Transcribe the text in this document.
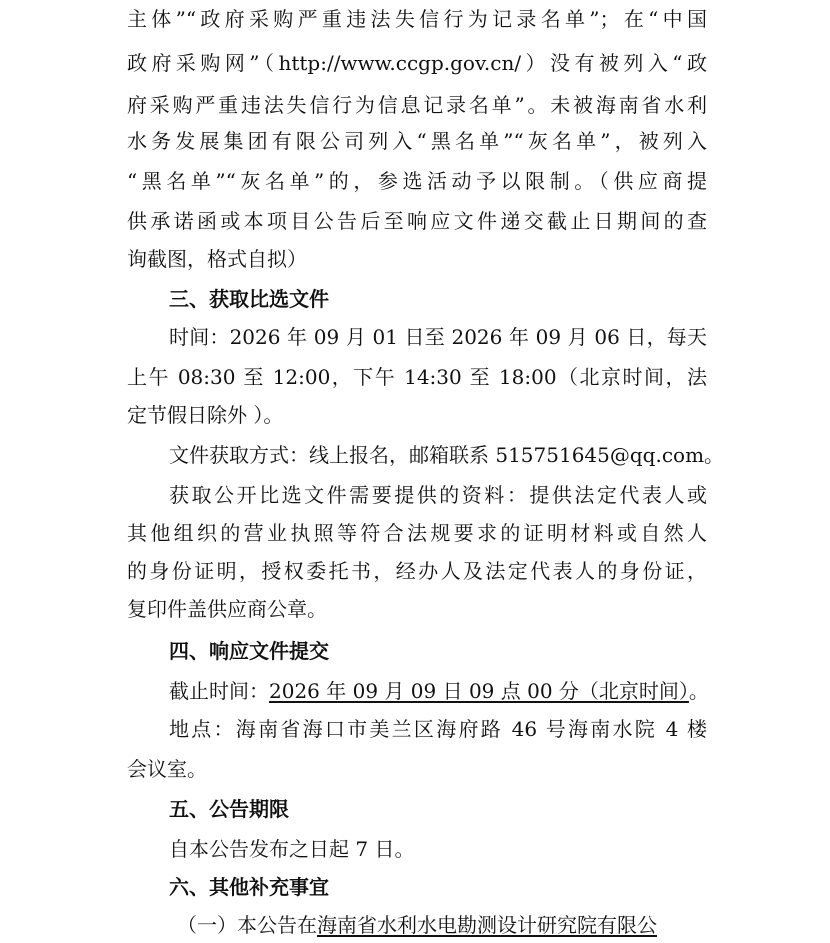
主体”“政府采购严重违法失信行为记录名单”；在“中国
政府采购网”（http://www.ccgp.gov.cn/）没有被列入“政
府采购严重违法失信行为信息记录名单”。未被海南省水利
水务发展集团有限公司列入“黑名单”“灰名单”，被列入
“黑名单”“灰名单”的，参选活动予以限制。（供应商提
供承诺函或本项目公告后至响应文件递交截止日期间的查
询截图，格式自拟）
三、获取比选文件
时间：2026 年 09 月 01 日至 2026 年 09 月 06 日，每天
上午 08:30 至 12:00，下午 14:30 至 18:00（北京时间，法
定节假日除外 ）。
文件获取方式：线上报名，邮箱联系 515751645@qq.com。
获取公开比选文件需要提供的资料：提供法定代表人或
其他组织的营业执照等符合法规要求的证明材料或自然人
的身份证明，授权委托书，经办人及法定代表人的身份证，
复印件盖供应商公章。
四、响应文件提交
截止时间：2026 年 09 月 09 日 09 点 00 分（北京时间）。
地点：海南省海口市美兰区海府路 46 号海南水院 4 楼
会议室。
五、公告期限
自本公告发布之日起 7 日。
六、其他补充事宜
（一）本公告在海南省水利水电勘测设计研究院有限公
